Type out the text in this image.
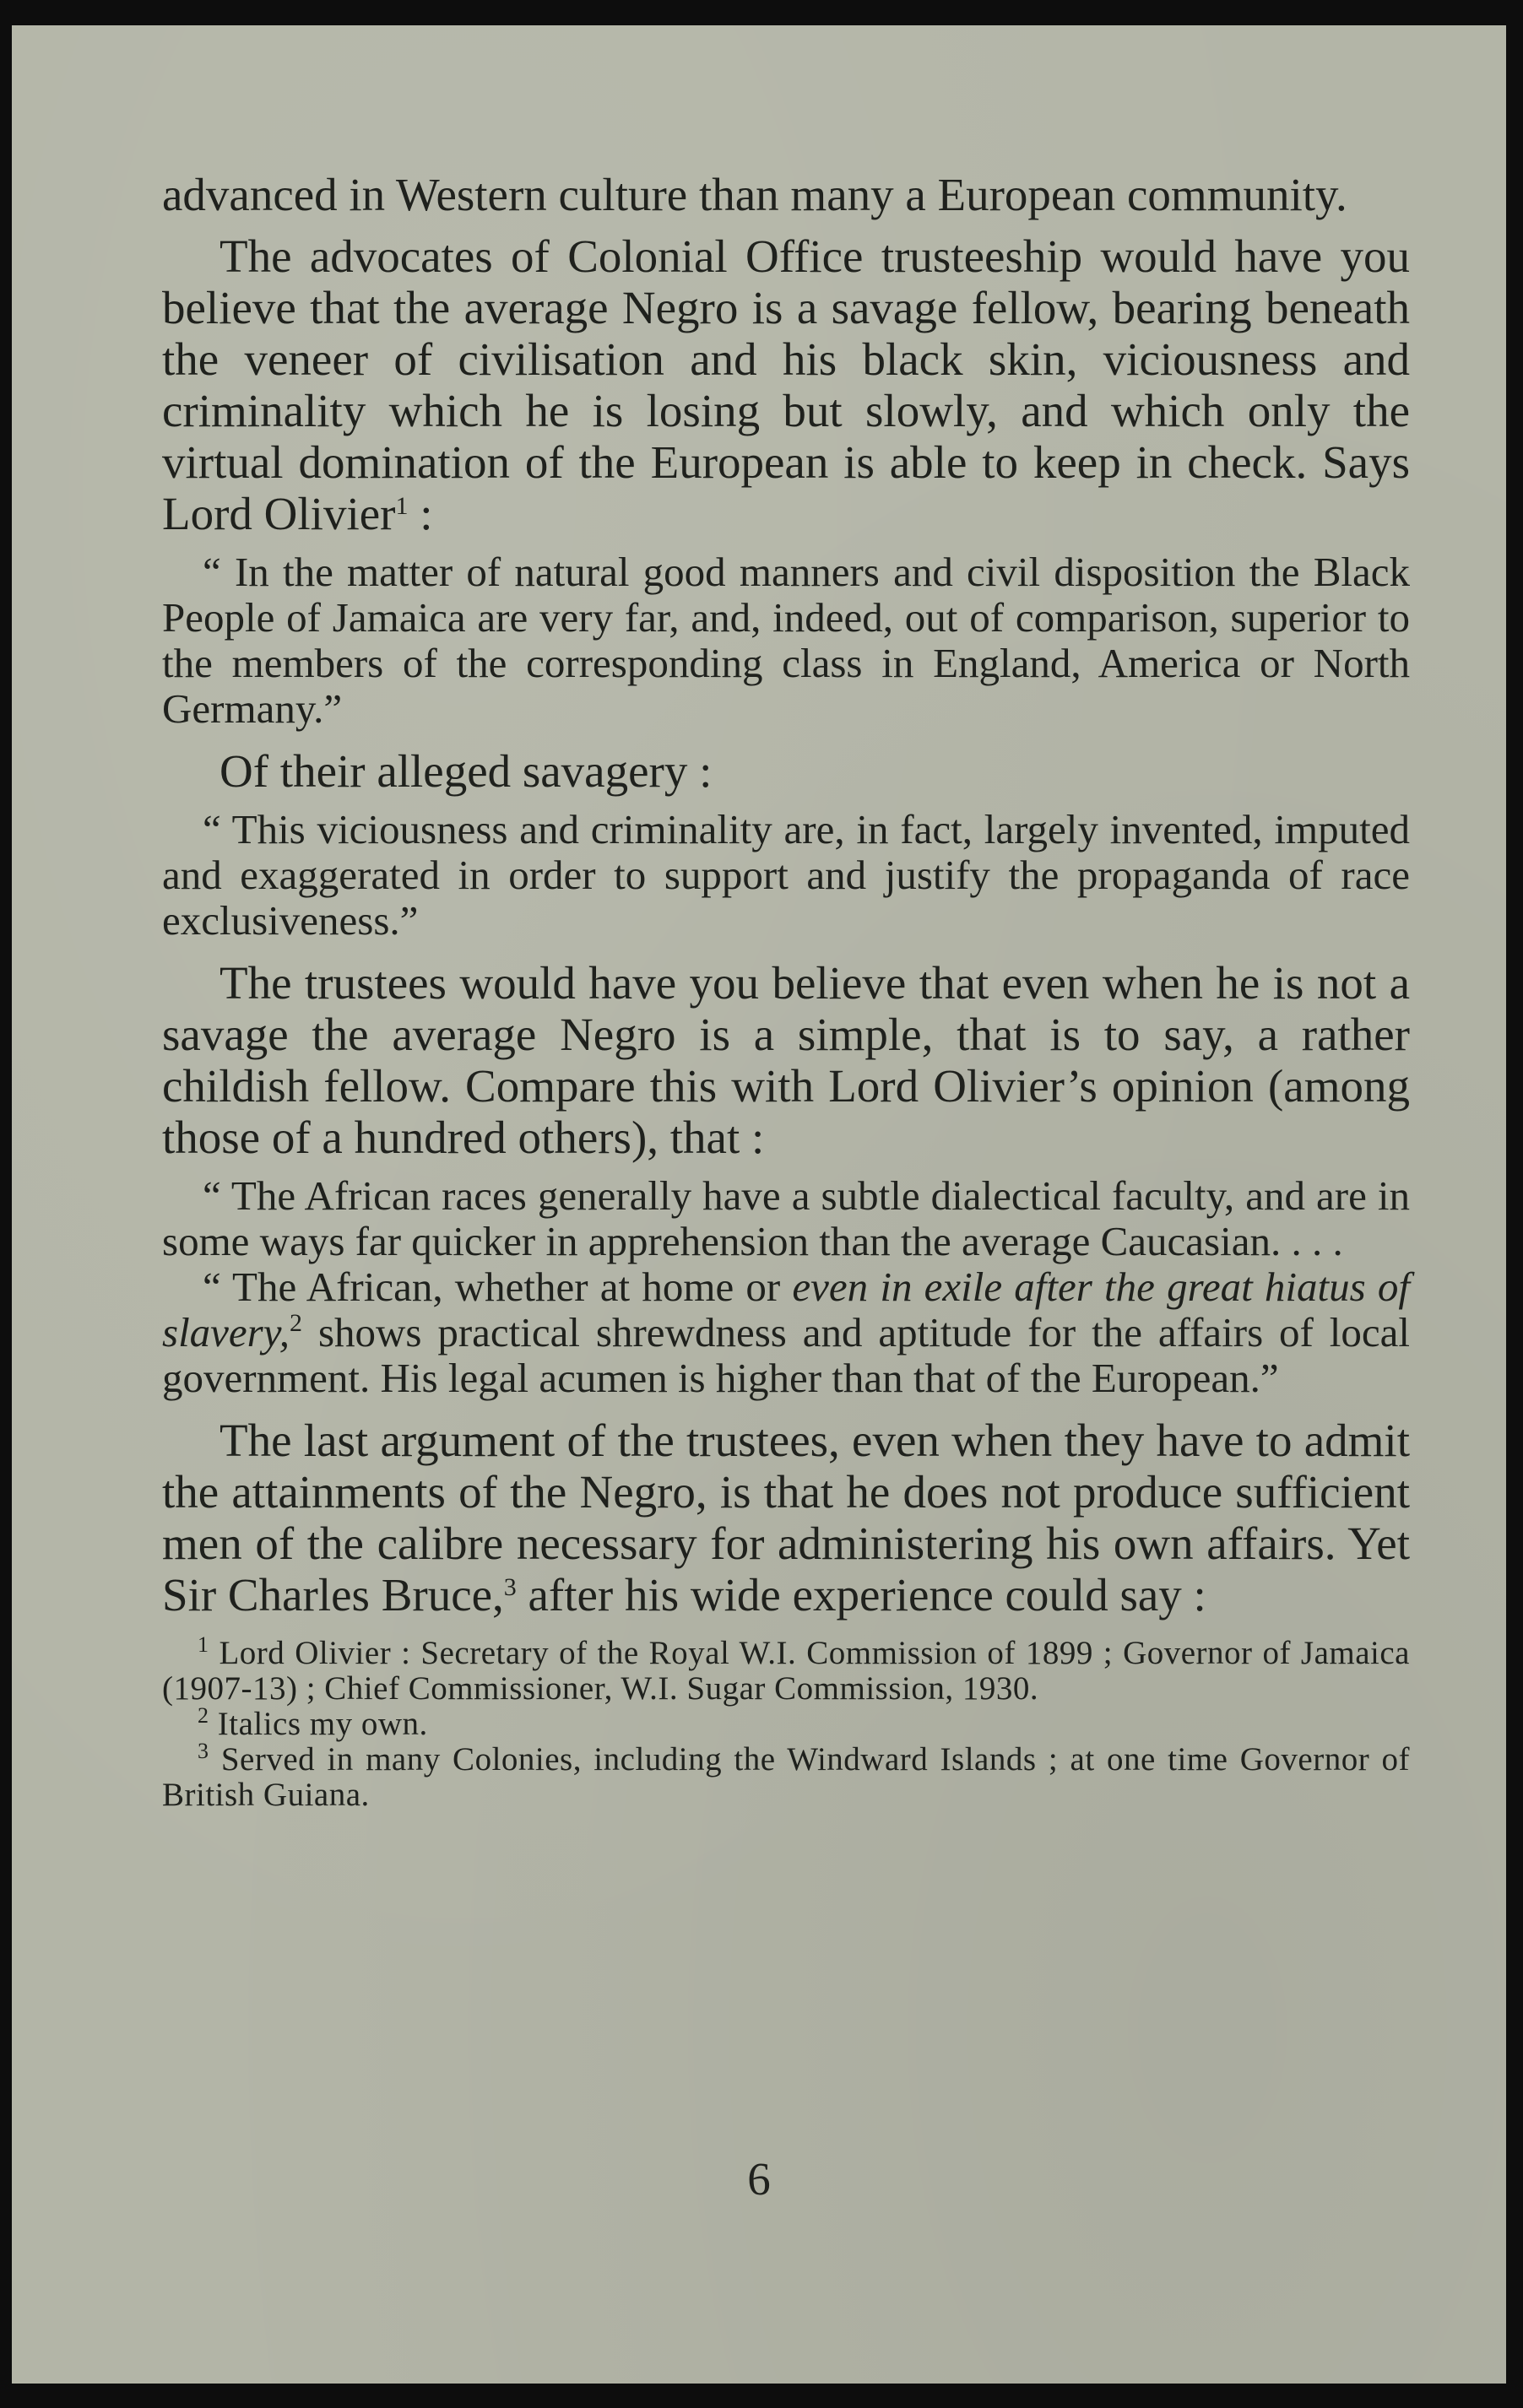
advanced in Western culture than many a European community.

The advocates of Colonial Office trusteeship would have you believe that the average Negro is a savage fellow, bearing beneath the veneer of civilisation and his black skin, viciousness and criminality which he is losing but slowly, and which only the virtual domination of the European is able to keep in check. Says Lord Olivier$^1$ :

“ In the matter of natural good manners and civil disposition the Black People of Jamaica are very far, and, indeed, out of comparison, superior to the members of the corresponding class in England, America or North Germany.”

Of their alleged savagery :

“ This viciousness and criminality are, in fact, largely invented, imputed and exaggerated in order to support and justify the propaganda of race exclusiveness.”

The trustees would have you believe that even when he is not a savage the average Negro is a simple, that is to say, a rather childish fellow. Compare this with Lord Olivier’s opinion (among those of a hundred others), that :

“ The African races generally have a subtle dialectical faculty, and are in some ways far quicker in apprehension than the average Caucasian. . . .

“ The African, whether at home or even in exile after the great hiatus of slavery,$^2$ shows practical shrewdness and aptitude for the affairs of local government. His legal acumen is higher than that of the European.”

The last argument of the trustees, even when they have to admit the attainments of the Negro, is that he does not produce sufficient men of the calibre necessary for administering his own affairs. Yet Sir Charles Bruce,$^3$ after his wide experience could say :

$^1$ Lord Olivier : Secretary of the Royal W.I. Commission of 1899 ; Governor of Jamaica (1907-13) ; Chief Commissioner, W.I. Sugar Commission, 1930.

$^2$ Italics my own.

$^3$ Served in many Colonies, including the Windward Islands ; at one time Governor of British Guiana.

6
